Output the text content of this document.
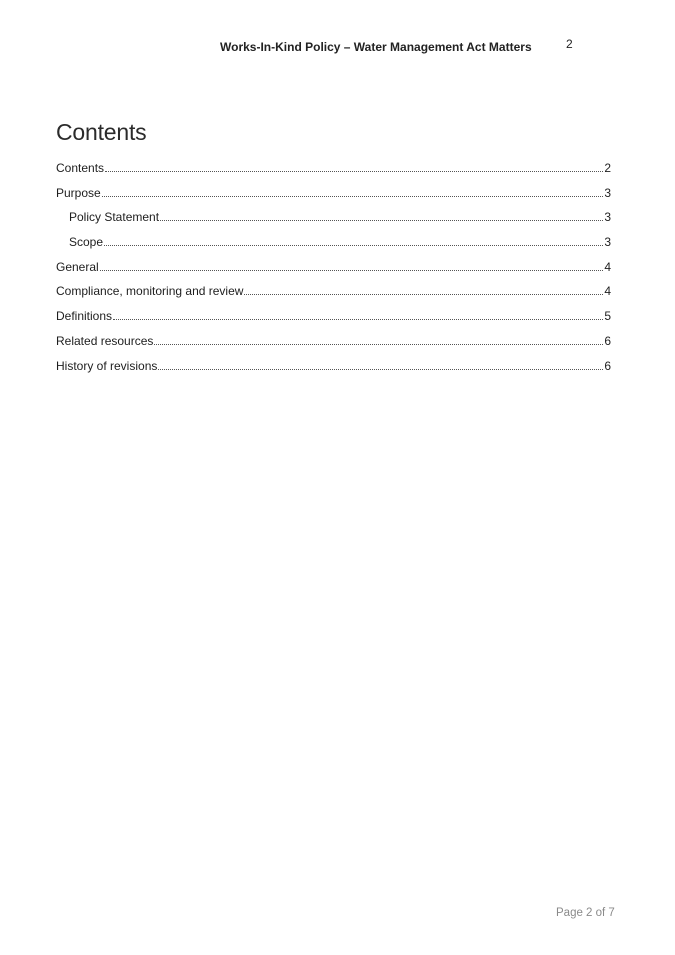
Works-In-Kind Policy – Water Management Act Matters	2
Contents
Contents	2
Purpose	3
Policy Statement	3
Scope	3
General	4
Compliance, monitoring and review	4
Definitions	5
Related resources	6
History of revisions	6
Page 2 of 7
